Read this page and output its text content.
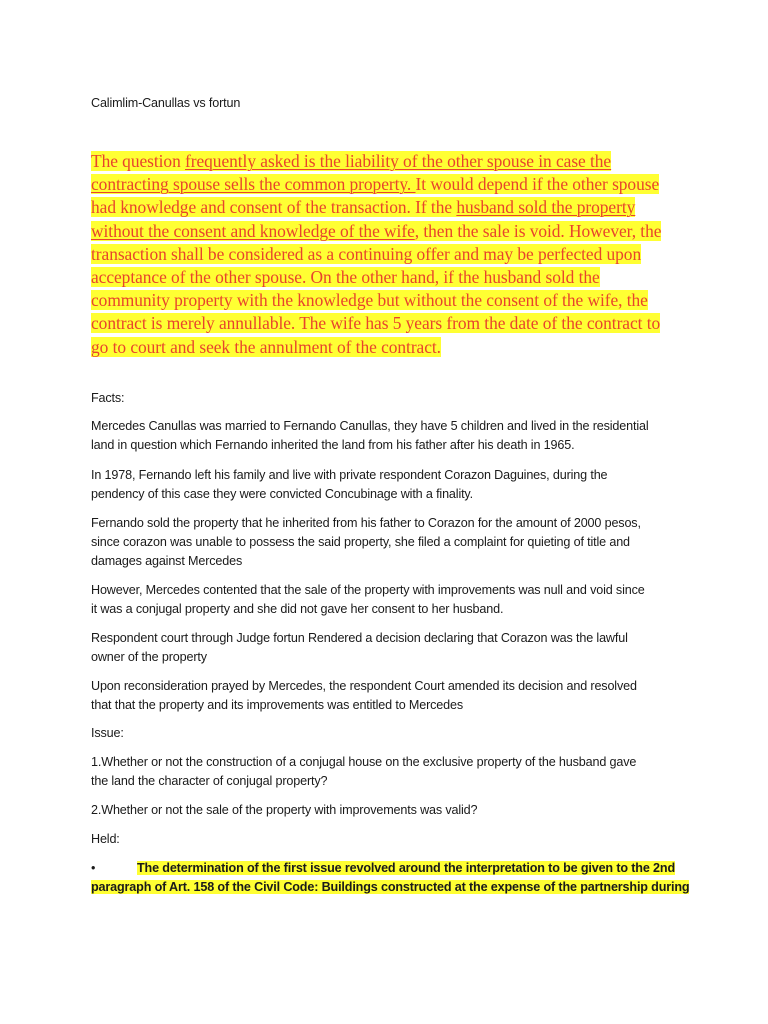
Calimlim-Canullas vs fortun
The question frequently asked is the liability of the other spouse in case the contracting spouse sells the common property. It would depend if the other spouse had knowledge and consent of the transaction. If the husband sold the property without the consent and knowledge of the wife, then the sale is void. However, the transaction shall be considered as a continuing offer and may be perfected upon acceptance of the other spouse. On the other hand, if the husband sold the community property with the knowledge but without the consent of the wife, the contract is merely annullable. The wife has 5 years from the date of the contract to go to court and seek the annulment of the contract.
Facts:
Mercedes Canullas was married to Fernando Canullas, they have 5 children and lived in the residential
land in question which Fernando inherited the land from his father after his death in 1965.
In 1978, Fernando left his family and live with private respondent Corazon Daguines, during the
pendency of this case they were convicted Concubinage with a finality.
Fernando sold the property that he inherited from his father to Corazon for the amount of 2000 pesos,
since corazon was unable to possess the said property, she filed a complaint for quieting of title and
damages against Mercedes
However, Mercedes contented that the sale of the property with improvements was null and void since
it was a conjugal property and she did not gave her consent to her husband.
Respondent court through Judge fortun Rendered a decision declaring that Corazon was the lawful
owner of the property
Upon reconsideration prayed by Mercedes, the respondent Court amended its decision and resolved
that that the property and its improvements was entitled to Mercedes
Issue:
1.Whether or not the construction of a conjugal house on the exclusive property of the husband gave
the land the character of conjugal property?
2.Whether or not the sale of the property with improvements was valid?
Held:
•	The determination of the first issue revolved around the interpretation to be given to the 2nd
paragraph of Art. 158 of the Civil Code: Buildings constructed at the expense of the partnership during
